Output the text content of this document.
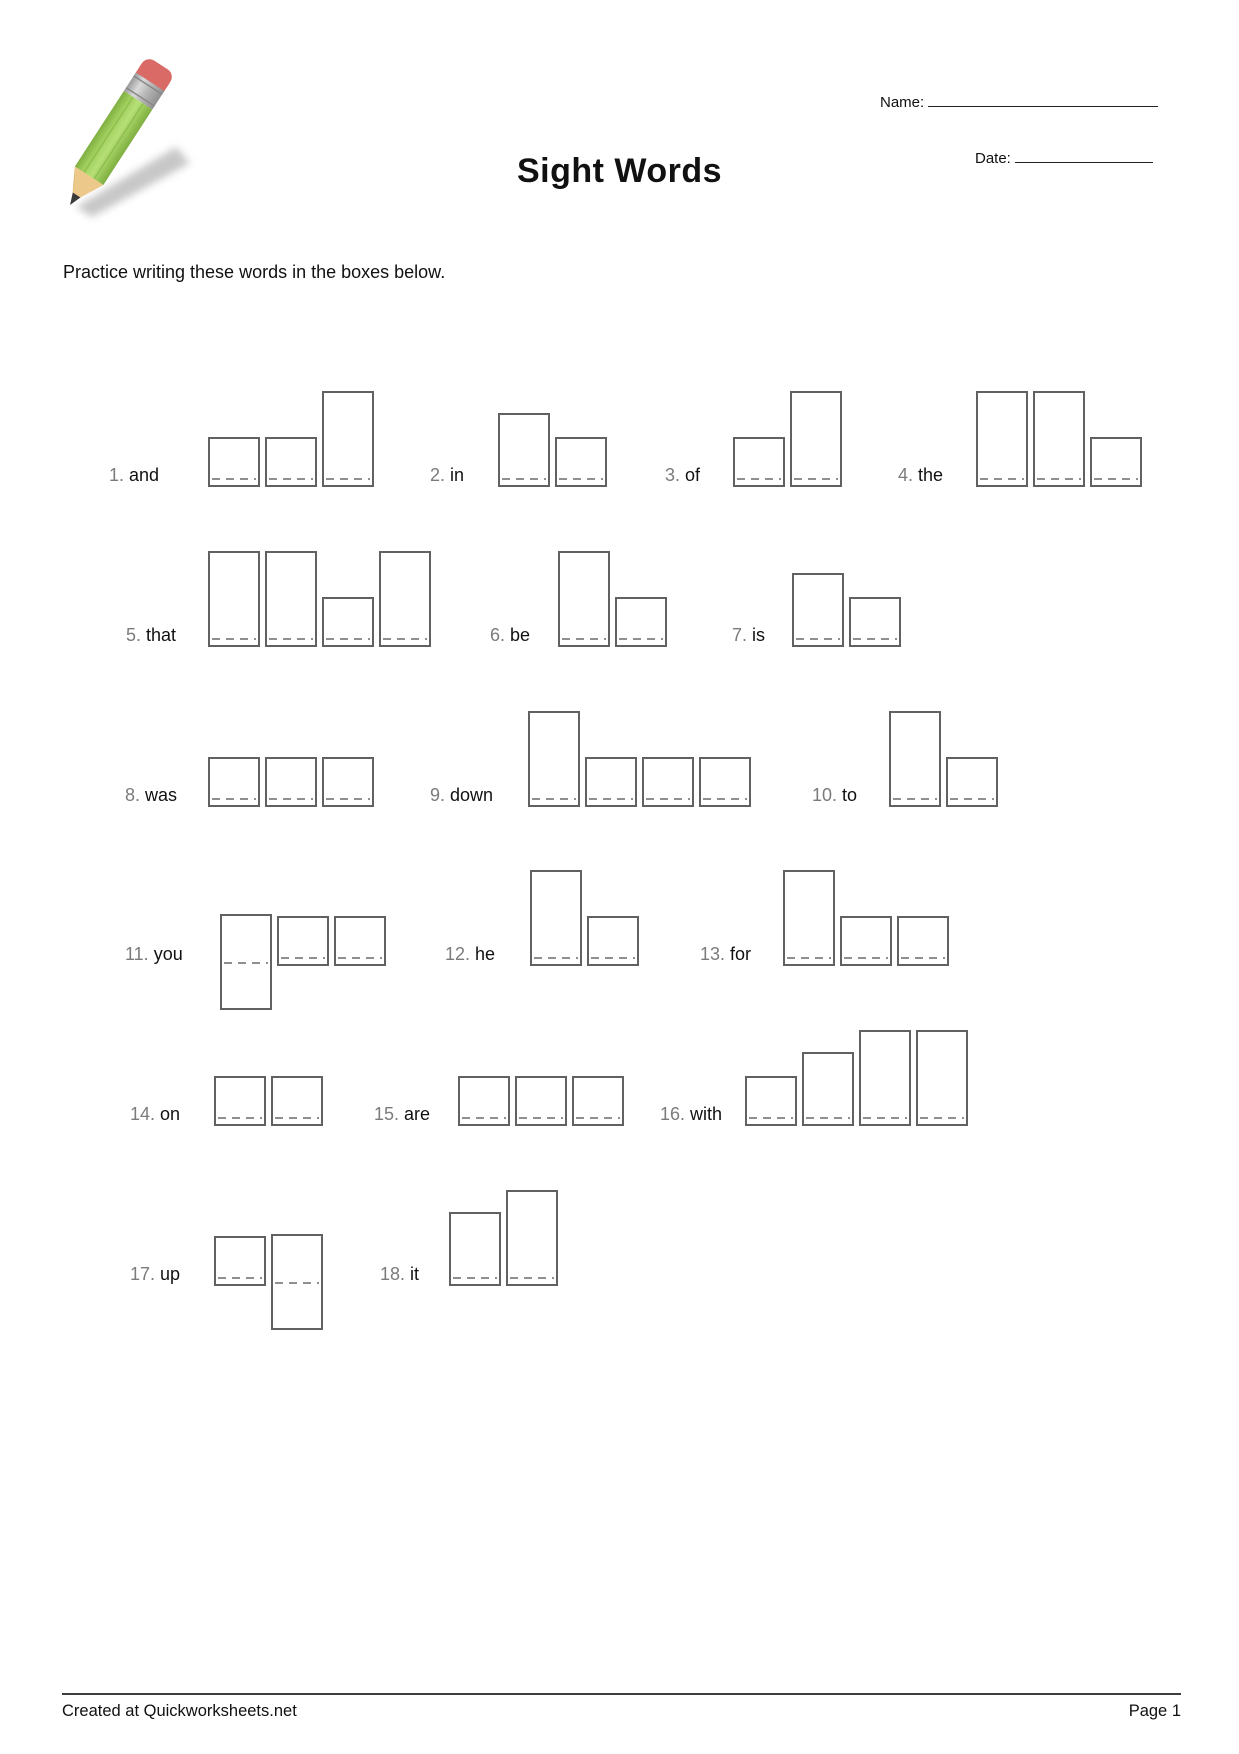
Sight Words
Name:
Date:
Practice writing these words in the boxes below.
1. and	2. in	3. of	4. the
5. that	6. be	7. is
8. was	9. down	10. to
11. you	12. he	13. for
14. on	15. are	16. with
17. up	18. it
Created at Quickworksheets.net	Page 1
